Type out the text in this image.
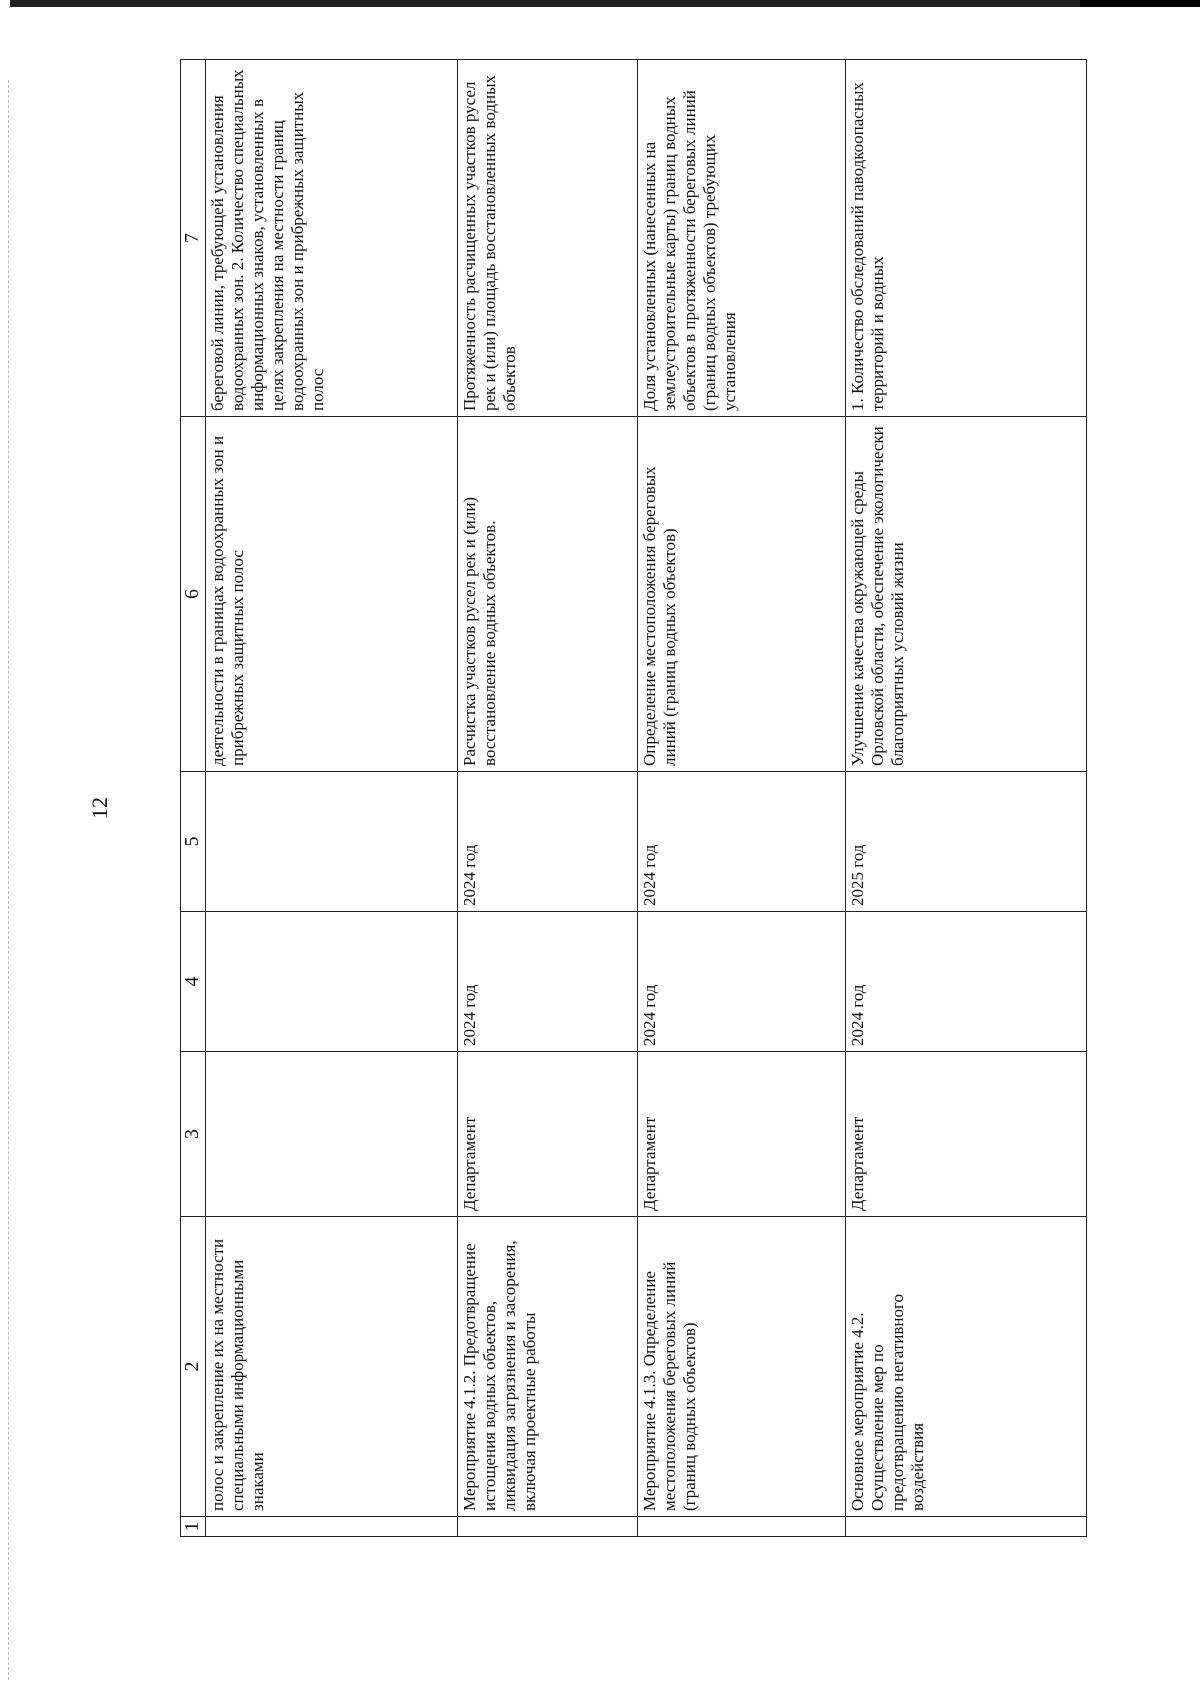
12
1	2	3	4	5	6	7
	полос и закрепление их на местности специальными информационными знаками				деятельности в границах водоохранных зон и прибрежных защитных полос	береговой линии, требующей установления водоохранных зон. 2. Количество специальных информационных знаков, установленных в целях закрепления на местности границ водоохранных зон и прибрежных защитных полос
	Мероприятие 4.1.2. Предотвращение истощения водных объектов, ликвидация загрязнения и засорения, включая проектные работы	Департамент	2024 год	2024 год	Расчистка участков русел рек и (или) восстановление водных объектов.	Протяженность расчищенных участков русел рек и (или) площадь восстановленных водных объектов
	Мероприятие 4.1.3. Определение местоположения береговых линий (границ водных объектов)	Департамент	2024 год	2024 год	Определение местоположения береговых линий (границ водных объектов)	Доля установленных (нанесенных на землеустроительные карты) границ водных объектов в протяженности береговых линий (границ водных объектов) требующих установления
	Основное мероприятие 4.2. Осуществление мер по предотвращению негативного воздействия	Департамент	2024 год	2025 год	Улучшение качества окружающей среды Орловской области, обеспечение экологически благоприятных условий жизни	1. Количество обследований паводкоопасных территорий и водных
